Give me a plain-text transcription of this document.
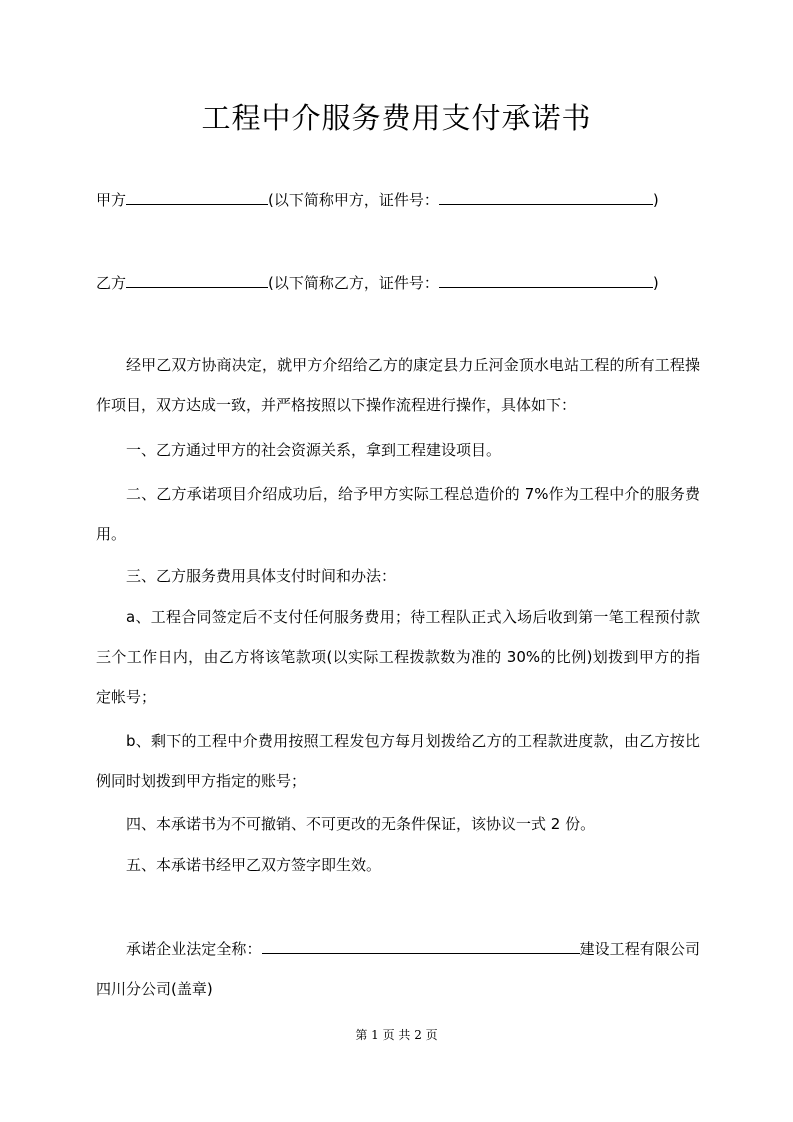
工程中介服务费用支付承诺书
甲方	(以下简称甲方，证件号：	)
乙方	(以下简称乙方，证件号：	)
经甲乙双方协商决定，就甲方介绍给乙方的康定县力丘河金顶水电站工程的所有工程操作项目，双方达成一致，并严格按照以下操作流程进行操作，具体如下：
一、乙方通过甲方的社会资源关系，拿到工程建设项目。
二、乙方承诺项目介绍成功后，给予甲方实际工程总造价的 7%作为工程中介的服务费用。
三、乙方服务费用具体支付时间和办法：
a、工程合同签定后不支付任何服务费用；待工程队正式入场后收到第一笔工程预付款三个工作日内，由乙方将该笔款项(以实际工程拨款数为准的 30%的比例)划拨到甲方的指定帐号；
b、剩下的工程中介费用按照工程发包方每月划拨给乙方的工程款进度款，由乙方按比例同时划拨到甲方指定的账号；
四、本承诺书为不可撤销、不可更改的无条件保证，该协议一式 2 份。
五、本承诺书经甲乙双方签字即生效。
承诺企业法定全称：	建设工程有限公司四川分公司(盖章)
第 1 页 共 2 页
